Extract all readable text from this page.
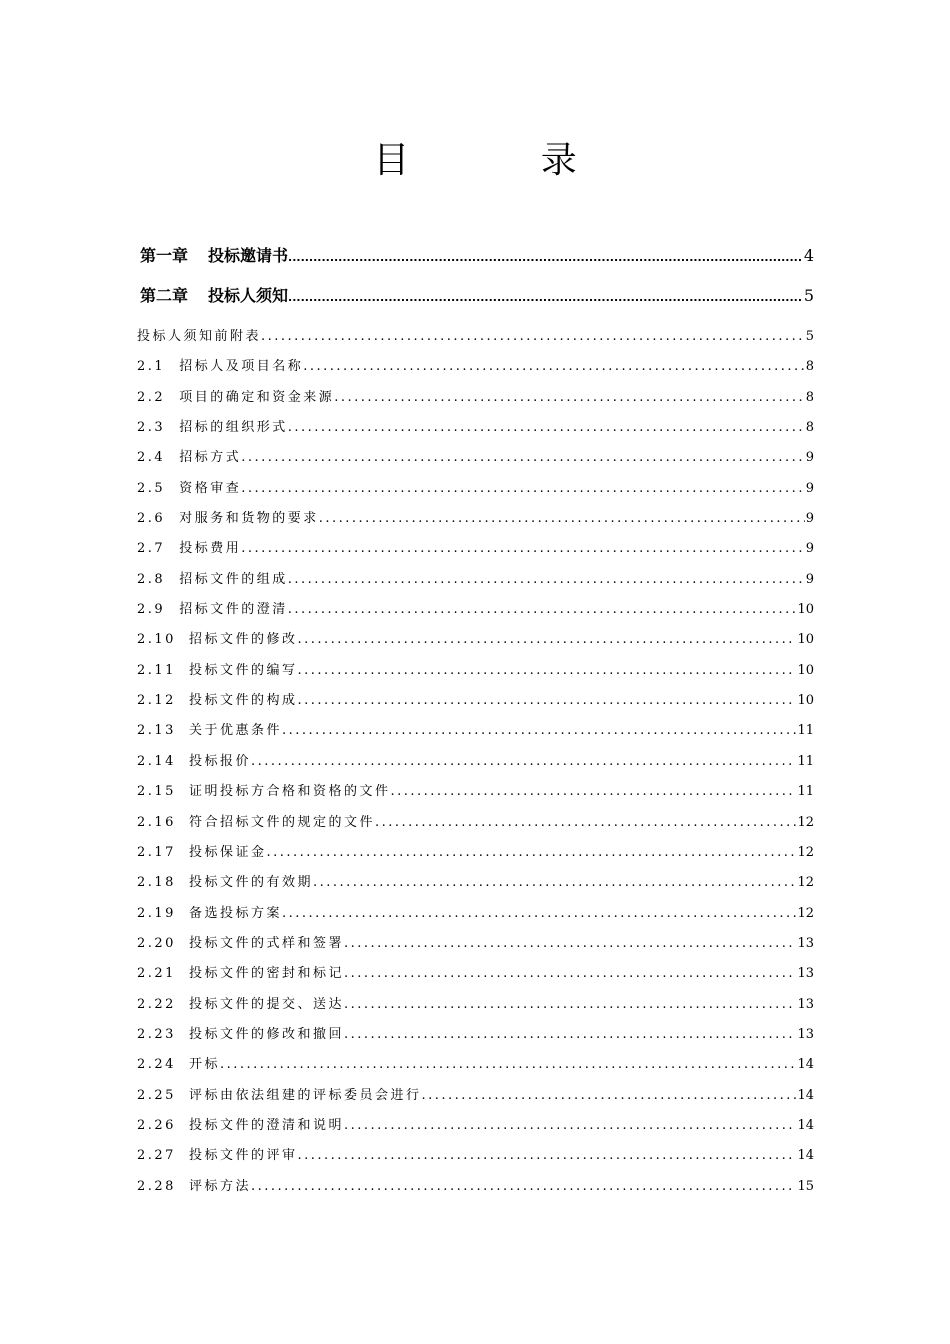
目 录
第一章 投标邀请书 .....	4
第二章 投标人须知 .....	5
投标人须知前附表 .....	5
2.1 招标人及项目名称 .....	8
2.2 项目的确定和资金来源 .....	8
2.3 招标的组织形式 .....	8
2.4 招标方式 .....	9
2.5 资格审查 .....	9
2.6 对服务和货物的要求 .....	9
2.7 投标费用 .....	9
2.8 招标文件的组成 .....	9
2.9 招标文件的澄清 .....	10
2.10 招标文件的修改 .....	10
2.11 投标文件的编写 .....	10
2.12 投标文件的构成 .....	10
2.13 关于优惠条件 .....	11
2.14 投标报价 .....	11
2.15 证明投标方合格和资格的文件 .....	11
2.16 符合招标文件的规定的文件 .....	12
2.17 投标保证金 .....	12
2.18 投标文件的有效期 .....	12
2.19 备选投标方案 .....	12
2.20 投标文件的式样和签署 .....	13
2.21 投标文件的密封和标记 .....	13
2.22 投标文件的提交、送达 .....	13
2.23 投标文件的修改和撤回 .....	13
2.24 开标 .....	14
2.25 评标由依法组建的评标委员会进行 .....	14
2.26 投标文件的澄清和说明 .....	14
2.27 投标文件的评审 .....	14
2.28 评标方法 .....	15
